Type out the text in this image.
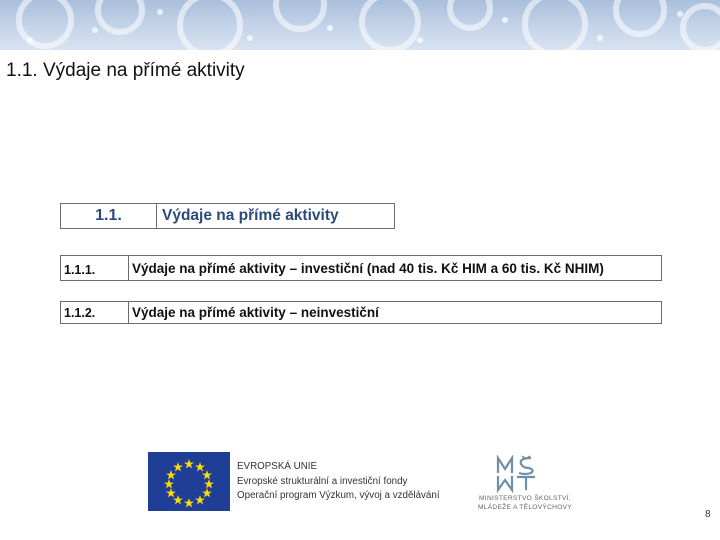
1.1. Výdaje na přímé aktivity
1.1.	Výdaje na přímé aktivity
1.1.1.	Výdaje na přímé aktivity – investiční (nad 40 tis. Kč HIM a 60 tis. Kč NHIM)
1.1.2.	Výdaje na přímé aktivity – neinvestiční
EVROPSKÁ UNIE
Evropské strukturální a investiční fondy
Operační program Výzkum, vývoj a vzdělávání	MINISTERSTVO ŠKOLSTVÍ,
MLÁDEŽE A TĚLOVÝCHOVY
8
